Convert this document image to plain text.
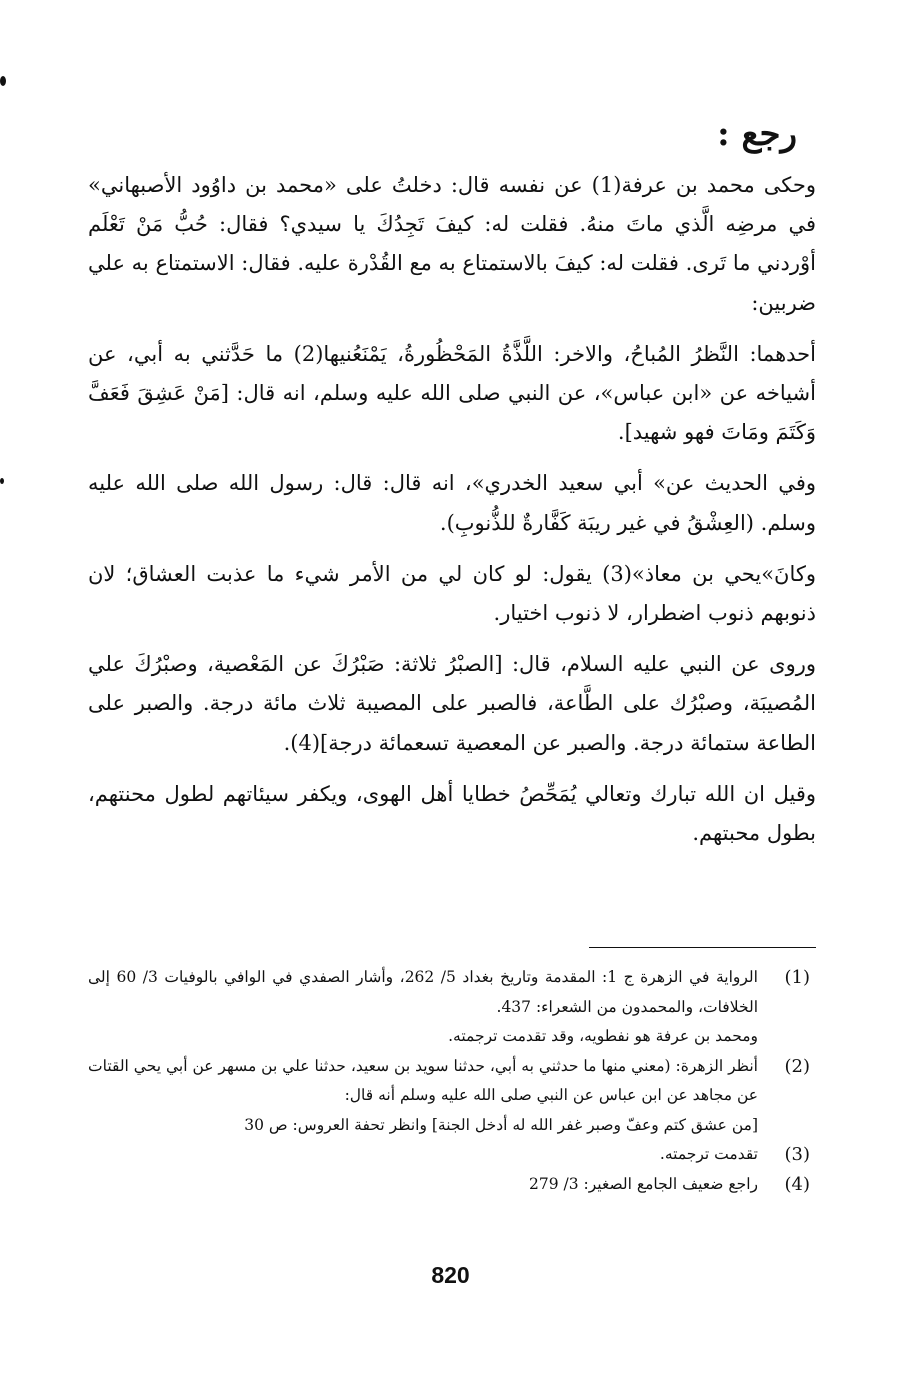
رجع :

وحكى محمد بن عرفة(1) عن نفسه قال: دخلتُ على «محمد بن داوُود الأصبهاني» في مرضِه الَّذي ماتَ منهُ. فقلت له: كيفَ تَجِدُكَ يا سيدي؟ فقال: حُبُّ مَنْ تَعْلَم أوْردني ما تَرى. فقلت له: كيفَ بالاستمتاع به مع القُدْرة عليه. فقال: الاستمتاع به علي ضربين:

أحدهما: النَّظرُ المُباحُ، والاخر: اللَّذَّةُ المَحْظُورةُ، يَمْنَعُنيها(2) ما حَدَّثني به أبي، عن أشياخه عن «ابن عباس»، عن النبي صلى الله عليه وسلم، انه قال: [مَنْ عَشِقَ فَعَفَّ وَكَتَمَ ومَاتَ فهو شهيد].

وفي الحديث عن» أبي سعيد الخدري»، انه قال: قال: رسول الله صلى الله عليه وسلم. (العِشْقُ في غير ريبَة كَفَّارةٌ للذُّنوبِ).

وكانَ»يحي بن معاذ»(3) يقول: لو كان لي من الأمر شيء ما عذبت العشاق؛ لان ذنوبهم ذنوب اضطرار، لا ذنوب اختيار.

وروى عن النبي عليه السلام، قال: [الصبْرُ ثلاثة: صَبْرُكَ عن المَعْصية، وصبْرُكَ علي المُصيبَة، وصبْرُك على الطَّاعة، فالصبر على المصيبة ثلاث مائة درجة. والصبر على الطاعة ستمائة درجة. والصبر عن المعصية تسعمائة درجة](4).

وقيل ان الله تبارك وتعالي يُمَحِّصُ خطايا أهل الهوى، ويكفر سيئاتهم لطول محنتهم، بطول محبتهم.

(1)
الرواية في الزهرة ج 1: المقدمة وتاريخ بغداد 5/ 262، وأشار الصفدي في الوافي بالوفيات 3/ 60 إلى الخلافات، والمحمدون من الشعراء: 437.
ومحمد بن عرفة هو نفطويه، وقد تقدمت ترجمته.
(2)
أنظر الزهرة: (معني منها ما حدثني به أبي، حدثنا سويد بن سعيد، حدثنا علي بن مسهر عن أبي يحي القتات عن مجاهد عن ابن عباس عن النبي صلى الله عليه وسلم أنه قال:
[من عشق كتم وعفّ وصبر غفر الله له أدخل الجنة] وانظر تحفة العروس: ص 30
(3)
تقدمت ترجمته.
(4)
راجع ضعيف الجامع الصغير: 3/ 279
820
